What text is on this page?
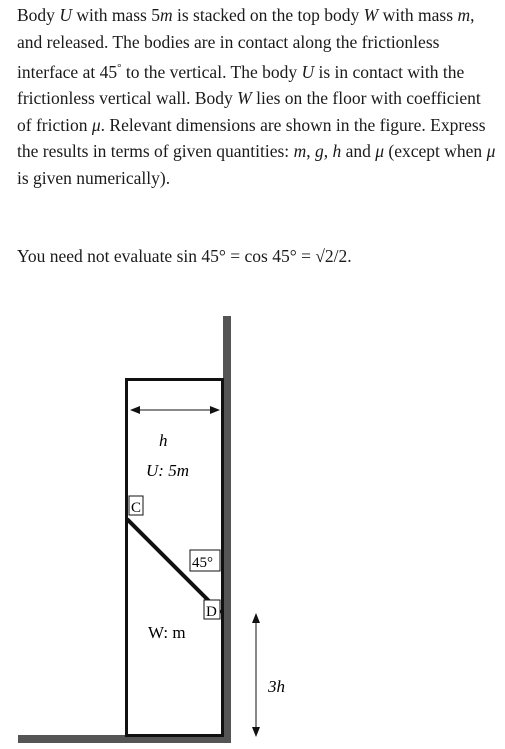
Body U with mass 5m is stacked on the top body W with mass m, and released. The bodies are in contact along the frictionless interface at 45° to the vertical. The body U is in contact with the frictionless vertical wall. Body W lies on the floor with coefficient of friction μ. Relevant dimensions are shown in the figure. Express the results in terms of given quantities: m, g, h and μ (except when μ is given numerically).

You need not evaluate sin 45° = cos 45° = √2/2.

h
U: 5m
C
45°
D
W: m
3h
